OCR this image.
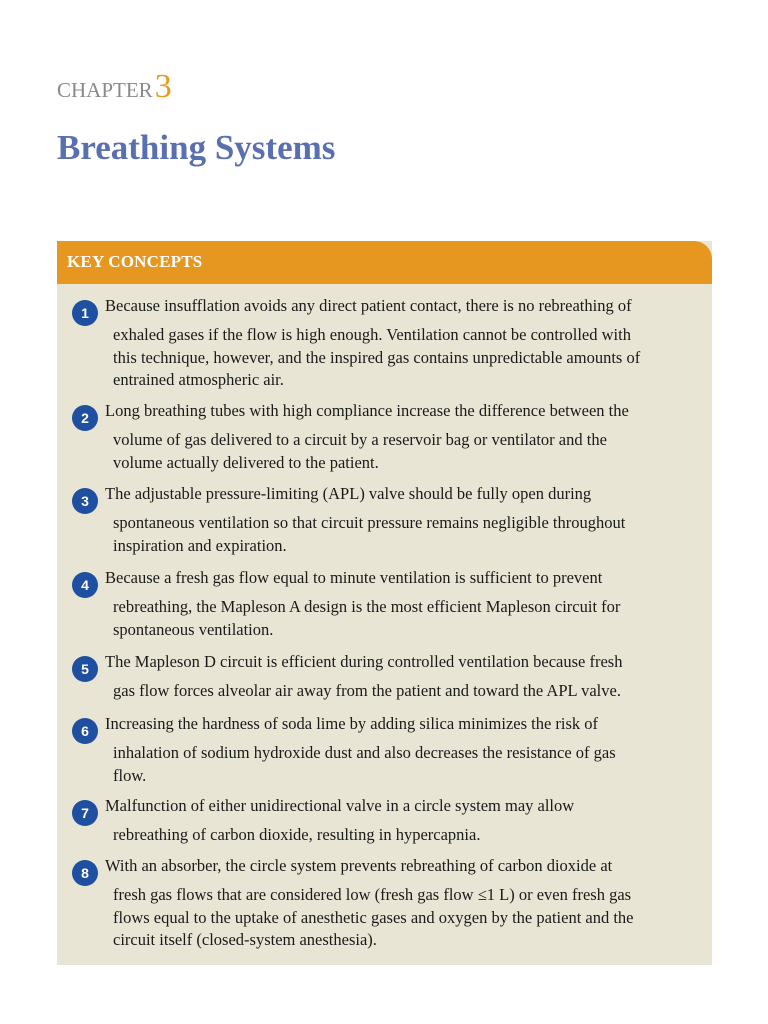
CHAPTER 3
Breathing Systems
KEY CONCEPTS
1 Because insufflation avoids any direct patient contact, there is no rebreathing of
exhaled gases if the flow is high enough. Ventilation cannot be controlled with
this technique, however, and the inspired gas contains unpredictable amounts of
entrained atmospheric air.
2 Long breathing tubes with high compliance increase the difference between the
volume of gas delivered to a circuit by a reservoir bag or ventilator and the
volume actually delivered to the patient.
3 The adjustable pressure-limiting (APL) valve should be fully open during
spontaneous ventilation so that circuit pressure remains negligible throughout
inspiration and expiration.
4 Because a fresh gas flow equal to minute ventilation is sufficient to prevent
rebreathing, the Mapleson A design is the most efficient Mapleson circuit for
spontaneous ventilation.
5 The Mapleson D circuit is efficient during controlled ventilation because fresh
gas flow forces alveolar air away from the patient and toward the APL valve.
6 Increasing the hardness of soda lime by adding silica minimizes the risk of
inhalation of sodium hydroxide dust and also decreases the resistance of gas
flow.
7 Malfunction of either unidirectional valve in a circle system may allow
rebreathing of carbon dioxide, resulting in hypercapnia.
8 With an absorber, the circle system prevents rebreathing of carbon dioxide at
fresh gas flows that are considered low (fresh gas flow ≤1 L) or even fresh gas
flows equal to the uptake of anesthetic gases and oxygen by the patient and the
circuit itself (closed-system anesthesia).
